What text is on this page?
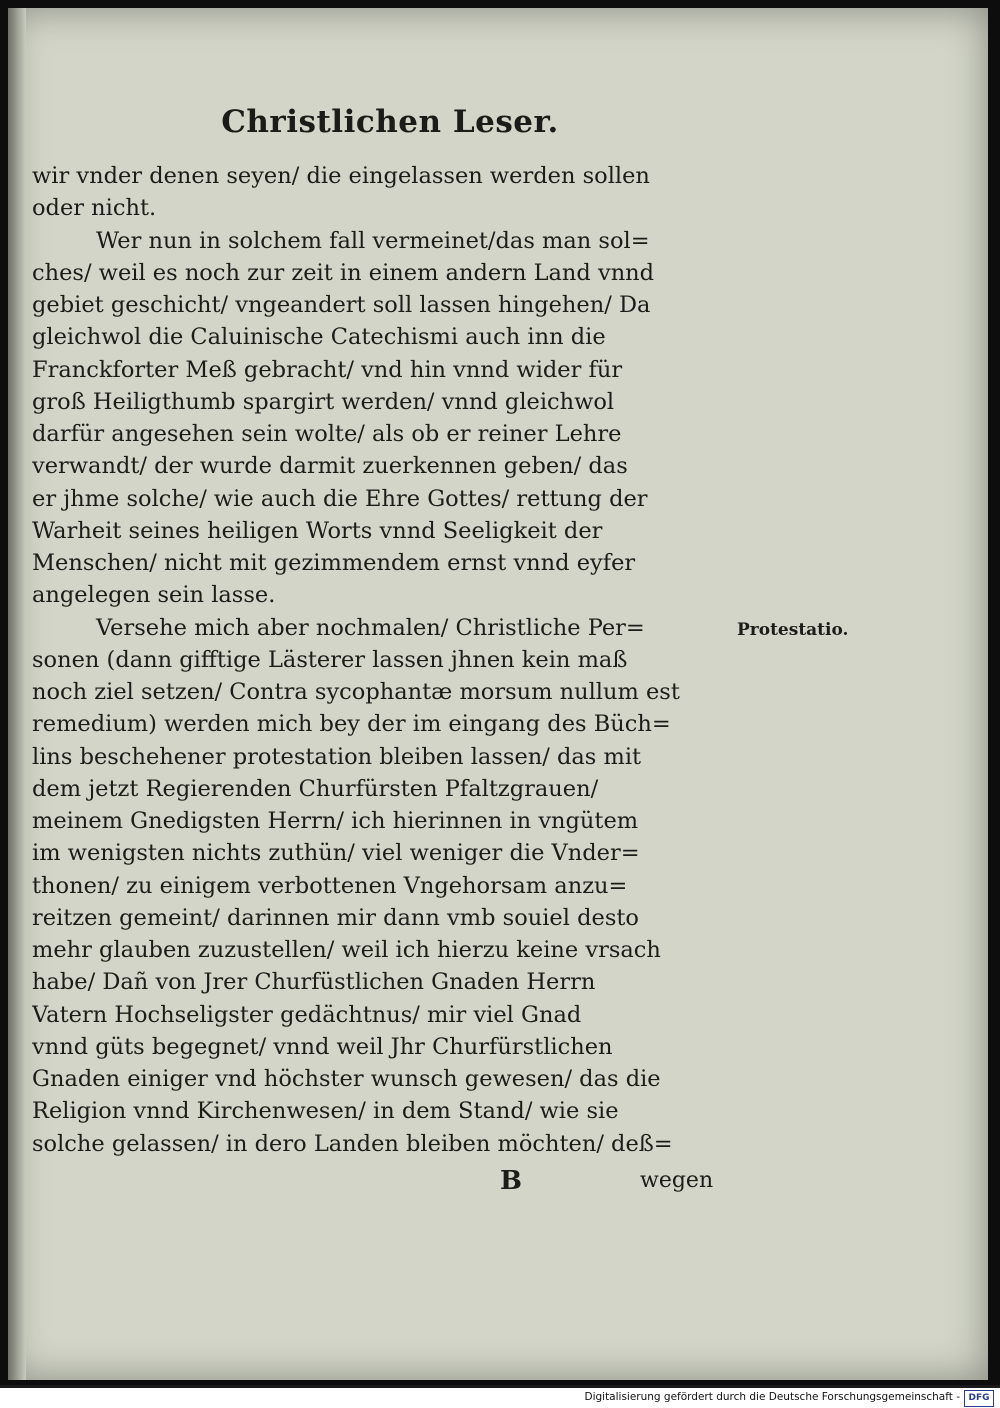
Christlichen Leser.
wir vnder denen seyen/ die eingelassen werden sollen
oder nicht.
Wer nun in solchem fall vermeinet/das man sol=
ches/ weil es noch zur zeit in einem andern Land vnnd
gebiet geschicht/ vngeandert soll lassen hingehen/ Da
gleichwol die Caluinische Catechismi auch inn die
Franckforter Meß gebracht/ vnd hin vnnd wider für
groß Heiligthumb spargirt werden/ vnnd gleichwol
darfür angesehen sein wolte/ als ob er reiner Lehre
verwandt/ der wurde darmit zuerkennen geben/ das
er jhme solche/ wie auch die Ehre Gottes/ rettung der
Warheit seines heiligen Worts vnnd Seeligkeit der
Menschen/ nicht mit gezimmendem ernst vnnd eyfer
angelegen sein lasse.
Versehe mich aber nochmalen/ Christliche Per=
sonen (dann gifftige Lästerer lassen jhnen kein maß
noch ziel setzen/ Contra sycophantæ morsum nullum est
remedium) werden mich bey der im eingang des Büch=
lins beschehener protestation bleiben lassen/ das mit
dem jetzt Regierenden Churfürsten Pfaltzgrauen/
meinem Gnedigsten Herrn/ ich hierinnen in vngütem
im wenigsten nichts zuthün/ viel weniger die Vnder=
thonen/ zu einigem verbottenen Vngehorsam anzu=
reitzen gemeint/ darinnen mir dann vmb souiel desto
mehr glauben zuzustellen/ weil ich hierzu keine vrsach
habe/ Dañ von Jrer Churfüstlichen Gnaden Herrn
Vatern Hochseligster gedächtnus/ mir viel Gnad
vnnd güts begegnet/ vnnd weil Jhr Churfürstlichen
Gnaden einiger vnd höchster wunsch gewesen/ das die
Religion vnnd Kirchenwesen/ in dem Stand/ wie sie
solche gelassen/ in dero Landen bleiben möchten/ deß=
Protestatio.
B	wegen
Digitalisierung gefördert durch die Deutsche Forschungsgemeinschaft - DFG
